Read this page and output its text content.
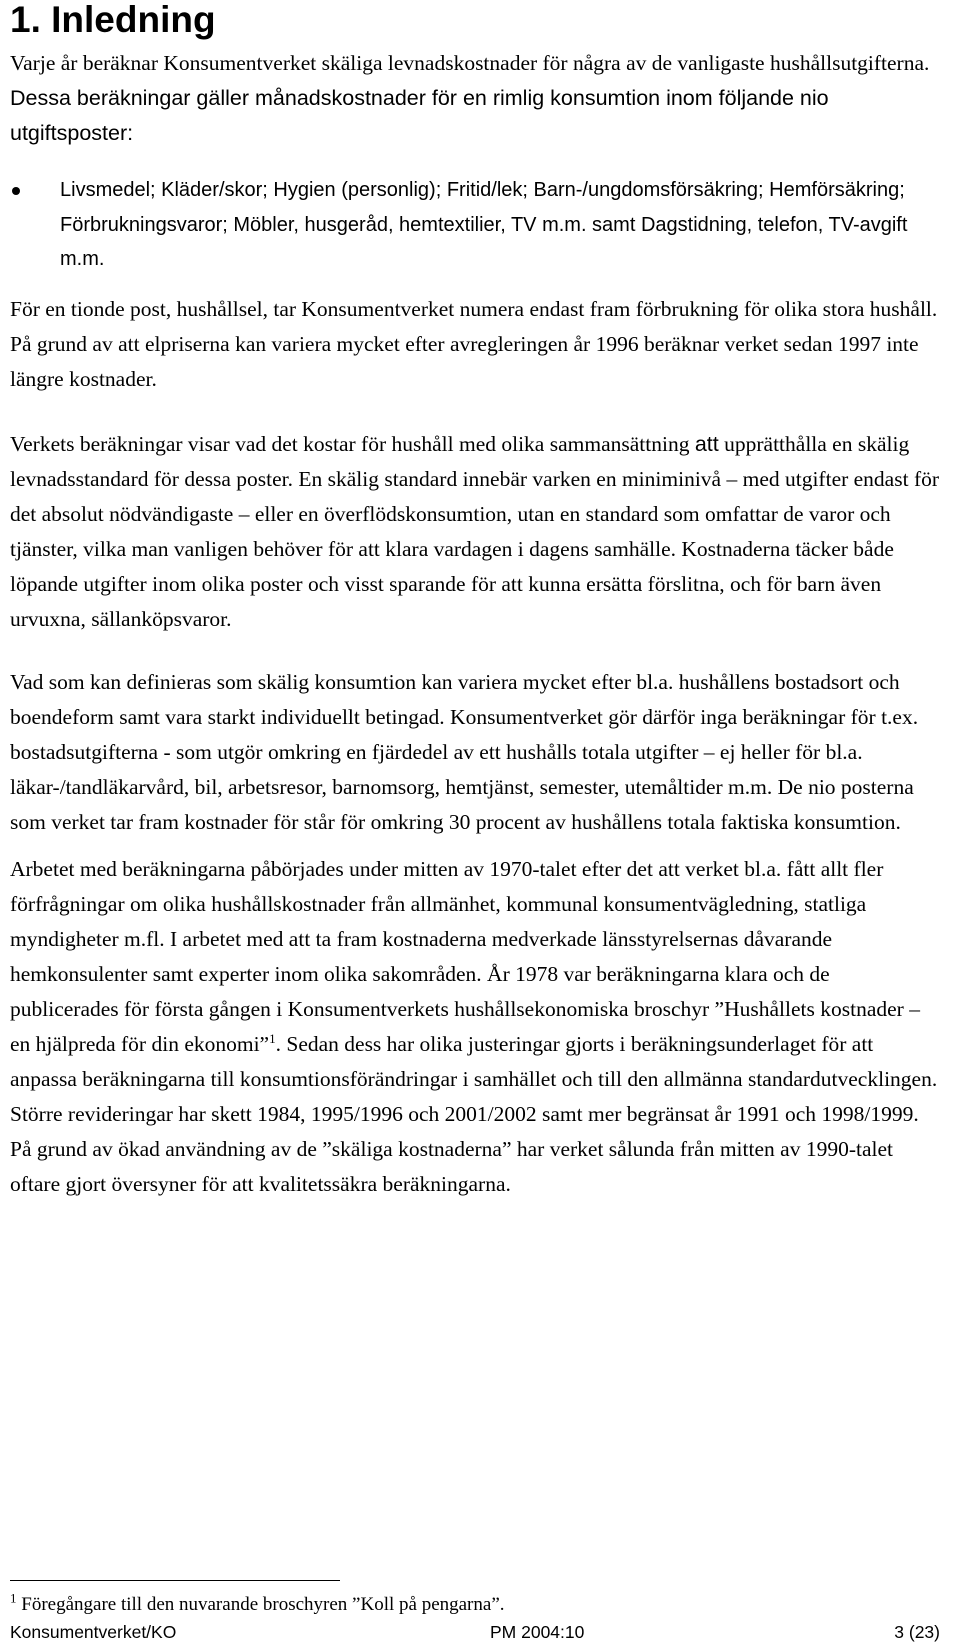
1. Inledning

Varje år beräknar Konsumentverket skäliga levnadskostnader för några av de vanligaste hushållsutgifterna. Dessa beräkningar gäller månadskostnader för en rimlig konsumtion inom följande nio utgiftsposter:

Livsmedel; Kläder/skor; Hygien (personlig); Fritid/lek; Barn-/ungdomsförsäkring; Hemförsäkring; Förbrukningsvaror; Möbler, husgeråd, hemtextilier, TV m.m. samt Dagstidning, telefon, TV-avgift m.m.

För en tionde post, hushållsel, tar Konsumentverket numera endast fram förbrukning för olika stora hushåll. På grund av att elpriserna kan variera mycket efter avregleringen år 1996 beräknar verket sedan 1997 inte längre kostnader.

Verkets beräkningar visar vad det kostar för hushåll med olika sammansättning att upprätthålla en skälig levnadsstandard för dessa poster. En skälig standard innebär varken en miniminivå – med utgifter endast för det absolut nödvändigaste – eller en överflödskonsumtion, utan en standard som omfattar de varor och tjänster, vilka man vanligen behöver för att klara vardagen i dagens samhälle. Kostnaderna täcker både löpande utgifter inom olika poster och visst sparande för att kunna ersätta förslitna, och för barn även urvuxna, sällanköpsvaror.

Vad som kan definieras som skälig konsumtion kan variera mycket efter bl.a. hushållens bostadsort och boendeform samt vara starkt individuellt betingad. Konsumentverket gör därför inga beräkningar för t.ex. bostadsutgifterna - som utgör omkring en fjärdedel av ett hushålls totala utgifter – ej heller för bl.a. läkar-/tandläkarvård, bil, arbetsresor, barnomsorg, hemtjänst, semester, utemåltider m.m. De nio posterna som verket tar fram kostnader för står för omkring 30 procent av hushållens totala faktiska konsumtion.

Arbetet med beräkningarna påbörjades under mitten av 1970-talet efter det att verket bl.a. fått allt fler förfrågningar om olika hushållskostnader från allmänhet, kommunal konsumentvägledning, statliga myndigheter m.fl. I arbetet med att ta fram kostnaderna medverkade länsstyrelsernas dåvarande hemkonsulenter samt experter inom olika sakområden. År 1978 var beräkningarna klara och de publicerades för första gången i Konsumentverkets hushållsekonomiska broschyr ”Hushållets kostnader – en hjälpreda för din ekonomi”$^1$. Sedan dess har olika justeringar gjorts i beräkningsunderlaget för att anpassa beräkningarna till konsumtionsförändringar i samhället och till den allmänna standardutvecklingen. Större revideringar har skett 1984, 1995/1996 och 2001/2002 samt mer begränsat år 1991 och 1998/1999. På grund av ökad användning av de ”skäliga kostnaderna” har verket sålunda från mitten av 1990-talet oftare gjort översyner för att kvalitetssäkra beräkningarna.

$^1$ Föregångare till den nuvarande broschyren ”Koll på pengarna”.
Konsumentverket/KO	PM 2004:10	3 (23)
